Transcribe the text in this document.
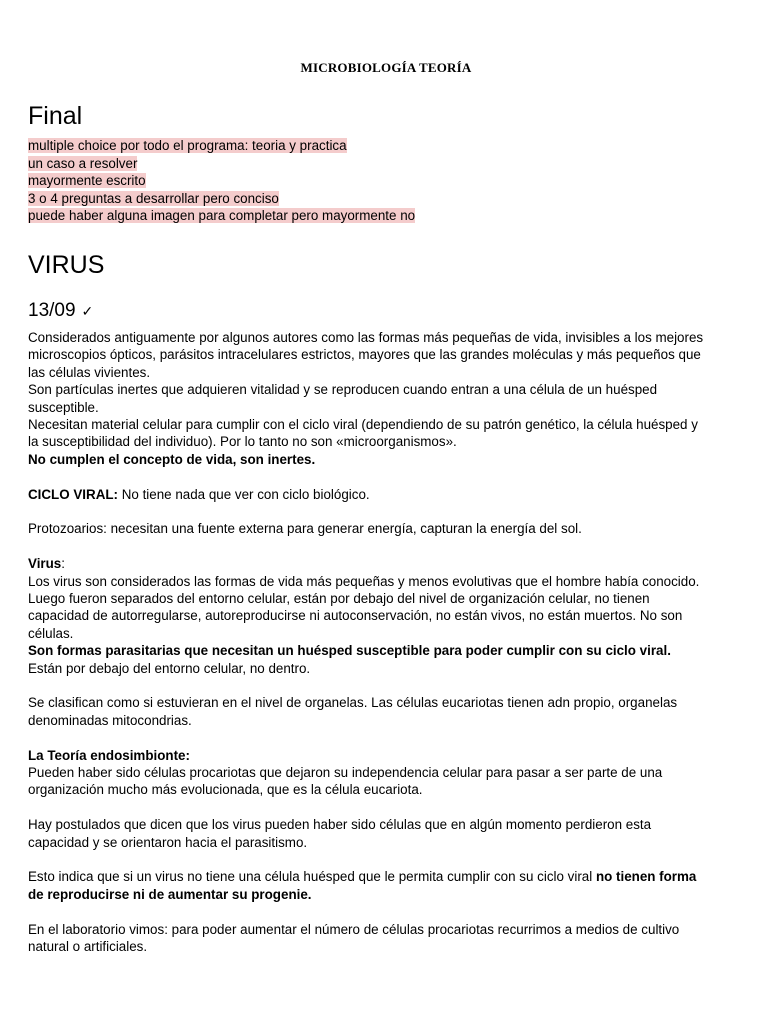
MICROBIOLOGÍA TEORÍA
Final
multiple choice por todo el programa: teoria y practica
un caso a resolver
mayormente escrito
3 o 4 preguntas a desarrollar pero conciso
puede haber alguna imagen para completar pero mayormente no
VIRUS
13/09 ✓

Considerados antiguamente por algunos autores como las formas más pequeñas de vida, invisibles a los mejores
microscopios ópticos, parásitos intracelulares estrictos, mayores que las grandes moléculas y más pequeños que
las células vivientes.
Son partículas inertes que adquieren vitalidad y se reproducen cuando entran a una célula de un huésped
susceptible.
Necesitan material celular para cumplir con el ciclo viral (dependiendo de su patrón genético, la célula huésped y
la susceptibilidad del individuo). Por lo tanto no son «microorganismos».
No cumplen el concepto de vida, son inertes.

CICLO VIRAL: No tiene nada que ver con ciclo biológico.

Protozoarios: necesitan una fuente externa para generar energía, capturan la energía del sol.

Virus:
Los virus son considerados las formas de vida más pequeñas y menos evolutivas que el hombre había conocido.
Luego fueron separados del entorno celular, están por debajo del nivel de organización celular, no tienen
capacidad de autorregularse, autoreproducirse ni autoconservación, no están vivos, no están muertos. No son
células.
Son formas parasitarias que necesitan un huésped susceptible para poder cumplir con su ciclo viral.
Están por debajo del entorno celular, no dentro.

Se clasifican como si estuvieran en el nivel de organelas. Las células eucariotas tienen adn propio, organelas
denominadas mitocondrias.

La Teoría endosimbionte:
Pueden haber sido células procariotas que dejaron su independencia celular para pasar a ser parte de una
organización mucho más evolucionada, que es la célula eucariota.

Hay postulados que dicen que los virus pueden haber sido células que en algún momento perdieron esta
capacidad y se orientaron hacia el parasitismo.

Esto indica que si un virus no tiene una célula huésped que le permita cumplir con su ciclo viral no tienen forma
de reproducirse ni de aumentar su progenie.

En el laboratorio vimos: para poder aumentar el número de células procariotas recurrimos a medios de cultivo
natural o artificiales.
